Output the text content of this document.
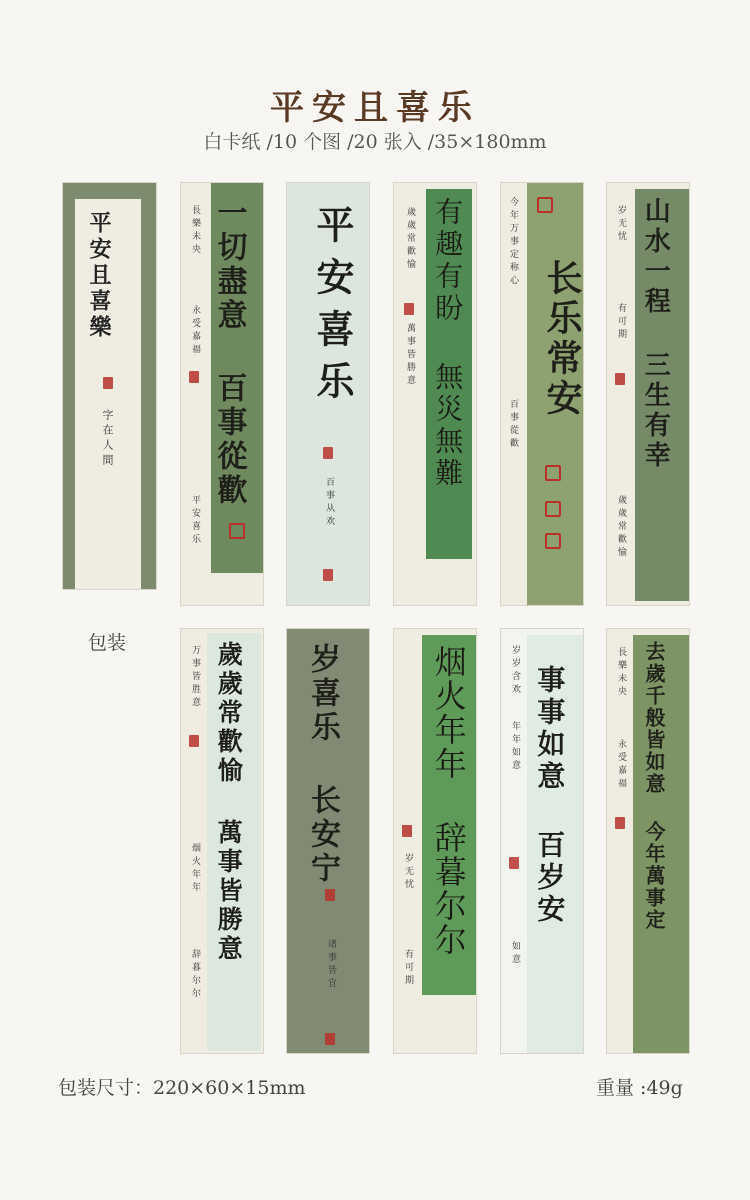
平安且喜乐
白卡纸 /10 个图 /20 张入 /35×180mm
平安且喜樂
字在人間
包装
長樂未央
永受嘉福
平安喜乐
一切盡意 百事從歡 平安喜乐
百事从欢
歲歲常歡愉
萬事皆勝意 有趣有盼 無災無難	今年万事定称心
百事從歡
长乐常安
岁无忧
有可期
歲歲常歡愉
山水一程 三生有幸
万事皆胜意
烟火年年
辞暮尔尔
歲歲常歡愉 萬事皆勝意 岁喜乐 长安宁
诸事皆宜
烟火年年 辞暮尔尔
岁无忧
有可期
岁岁含欢
年年如意
如意
事事如意 百岁安	長樂未央
永受嘉福 去歲千般皆如意 今年萬事定
包装尺寸：220×60×15mm	重量 :49g
